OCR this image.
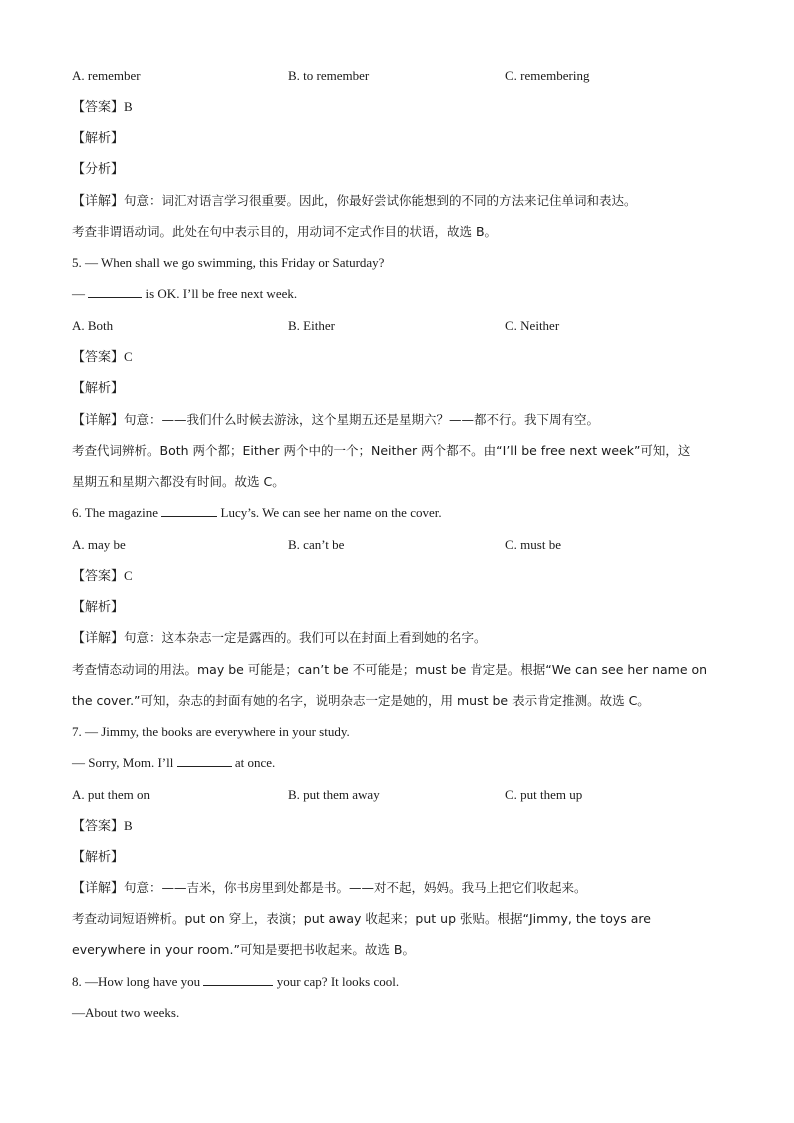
A. remember	B. to remember	C. remembering
【答案】B
【解析】
【分析】
【详解】句意：词汇对语言学习很重要。因此，你最好尝试你能想到的不同的方法来记住单词和表达。
考查非谓语动词。此处在句中表示目的，用动词不定式作目的状语，故选 B。
5. — When shall we go swimming, this Friday or Saturday?
—	is OK. I’ll be free next week.
A. Both	B. Either	C. Neither
【答案】C
【解析】
【详解】句意：——我们什么时候去游泳，这个星期五还是星期六？——都不行。我下周有空。
考查代词辨析。Both 两个都；Either 两个中的一个；Neither 两个都不。由“I’ll be free next week”可知，这
星期五和星期六都没有时间。故选 C。
6. The magazine	Lucy’s. We can see her name on the cover.
A. may be	B. can’t be	C. must be
【答案】C
【解析】
【详解】句意：这本杂志一定是露西的。我们可以在封面上看到她的名字。
考查情态动词的用法。may be 可能是；can’t be 不可能是；must be 肯定是。根据“We can see her name on
the cover.”可知，杂志的封面有她的名字，说明杂志一定是她的，用 must be 表示肯定推测。故选 C。
7. — Jimmy, the books are everywhere in your study.
— Sorry, Mom. I’ll	at once.
A. put them on	B. put them away	C. put them up
【答案】B
【解析】
【详解】句意：——吉米，你书房里到处都是书。——对不起，妈妈。我马上把它们收起来。
考查动词短语辨析。put on 穿上，表演；put away 收起来；put up 张贴。根据“Jimmy, the toys are
everywhere in your room.”可知是要把书收起来。故选 B。
8. —How long have you	your cap? It looks cool.
—About two weeks.
